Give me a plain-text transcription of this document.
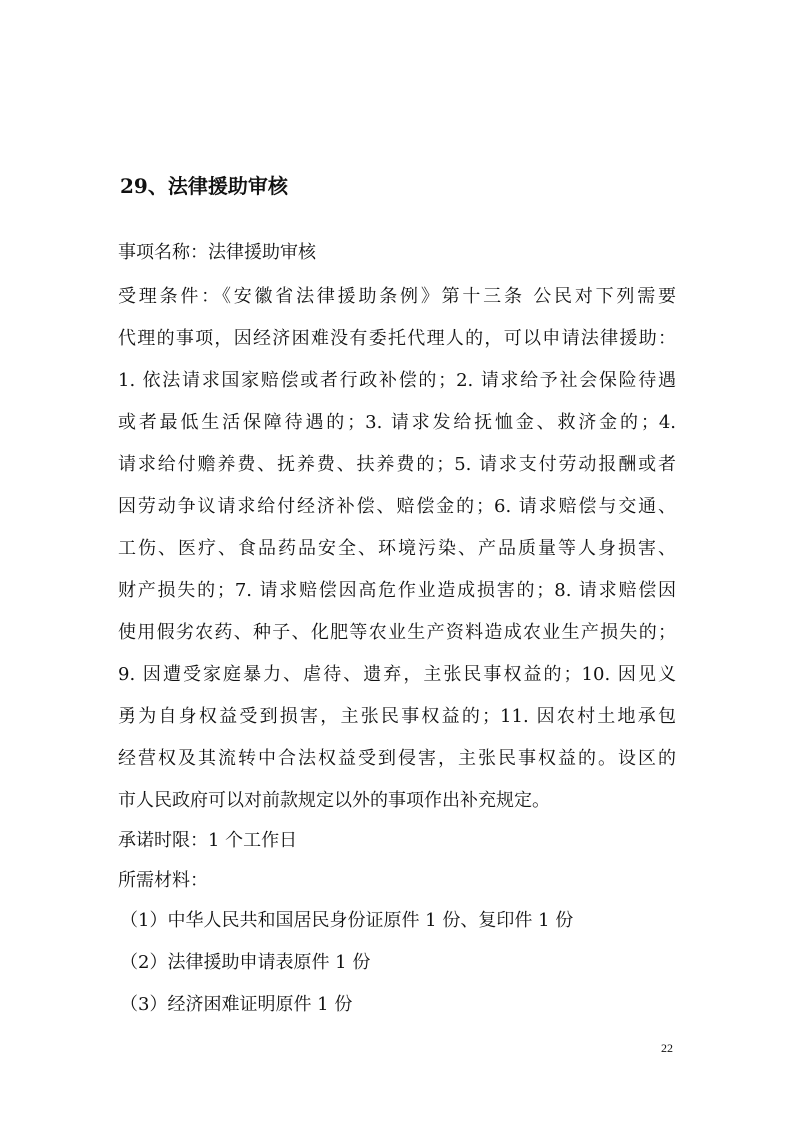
29、法律援助审核

事项名称：法律援助审核

受理条件：《安徽省法律援助条例》第十三条 公民对下列需要

代理的事项，因经济困难没有委托代理人的，可以申请法律援助：

1. 依法请求国家赔偿或者行政补偿的；2. 请求给予社会保险待遇

或者最低生活保障待遇的；3. 请求发给抚恤金、救济金的；4.

请求给付赡养费、抚养费、扶养费的；5. 请求支付劳动报酬或者

因劳动争议请求给付经济补偿、赔偿金的；6. 请求赔偿与交通、

工伤、医疗、食品药品安全、环境污染、产品质量等人身损害、

财产损失的；7. 请求赔偿因高危作业造成损害的；8. 请求赔偿因

使用假劣农药、种子、化肥等农业生产资料造成农业生产损失的；

9. 因遭受家庭暴力、虐待、遗弃，主张民事权益的；10. 因见义

勇为自身权益受到损害，主张民事权益的；11. 因农村土地承包

经营权及其流转中合法权益受到侵害，主张民事权益的。设区的

市人民政府可以对前款规定以外的事项作出补充规定。

承诺时限：1 个工作日

所需材料：

（1）中华人民共和国居民身份证原件 1 份、复印件 1 份

（2）法律援助申请表原件 1 份

（3）经济困难证明原件 1 份

22
